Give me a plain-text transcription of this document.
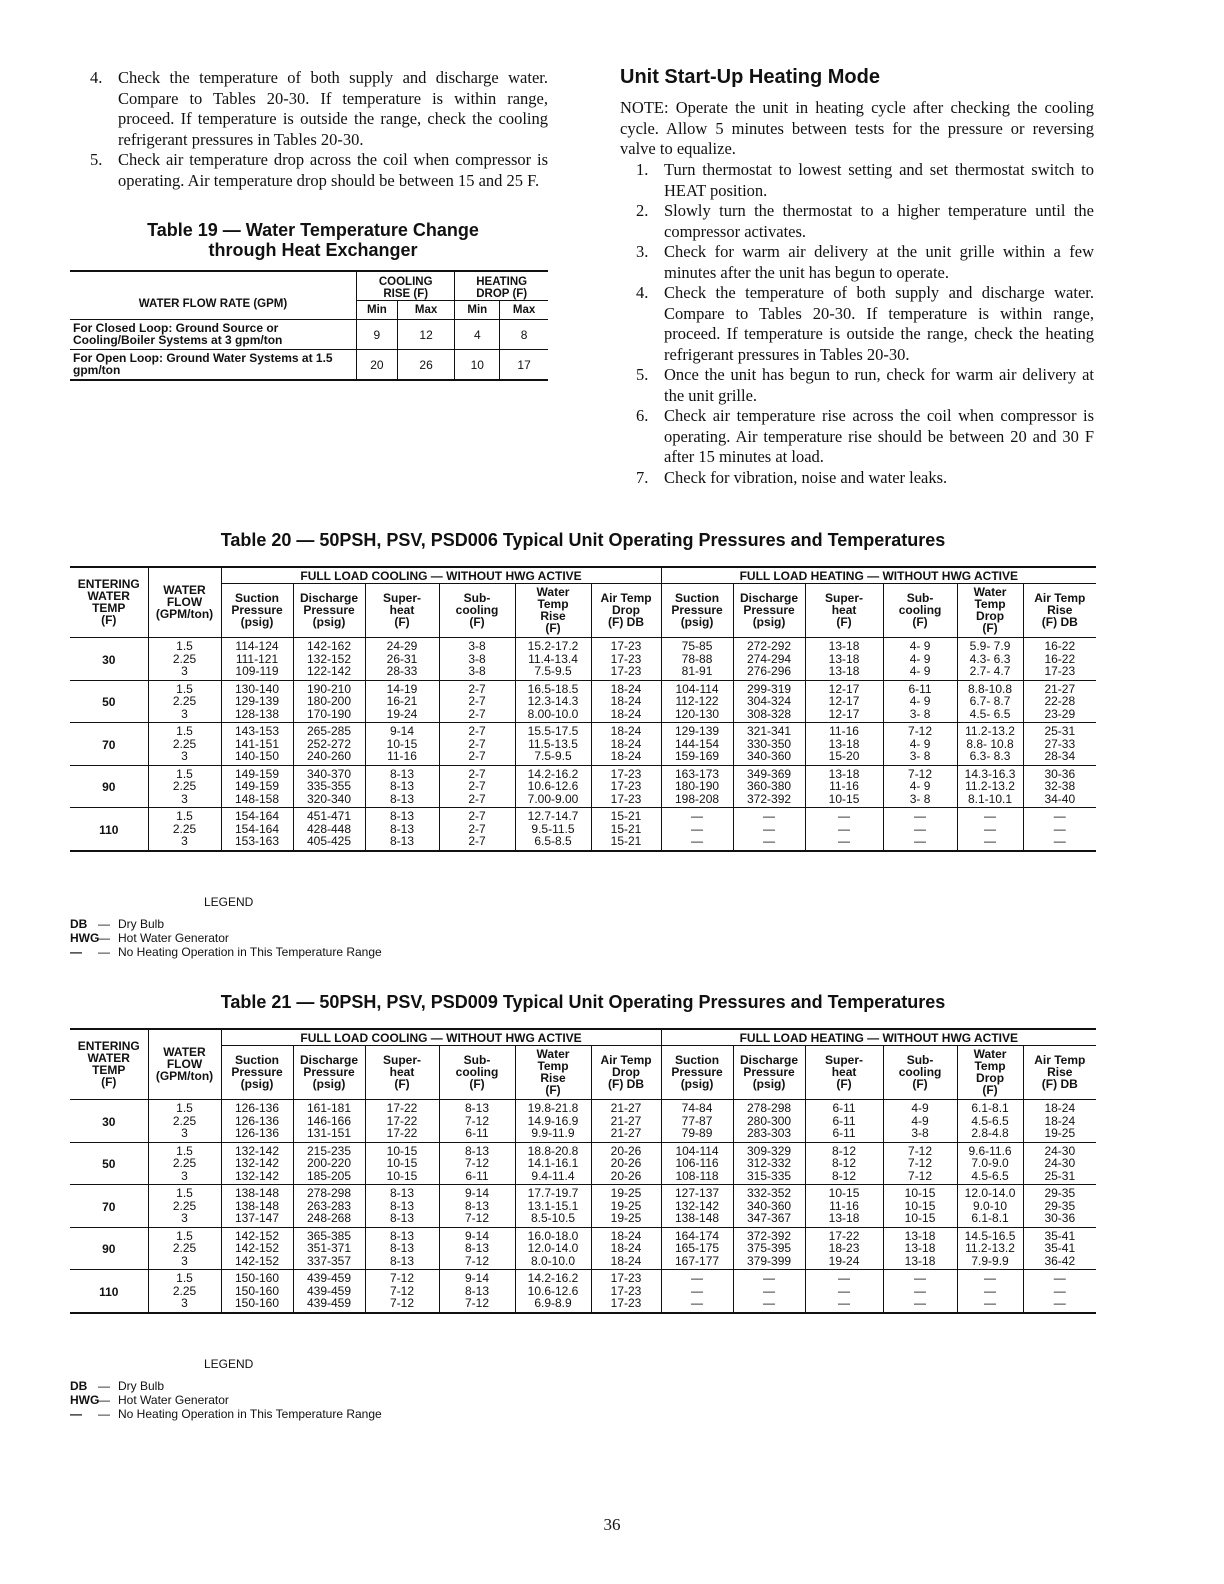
4. Check the temperature of both supply and discharge water. Compare to Tables 20-30. If temperature is within range, proceed. If temperature is outside the range, check the cooling refrigerant pressures in Tables 20-30.
5. Check air temperature drop across the coil when compressor is operating. Air temperature drop should be between 15 and 25 F.
Table 19 — Water Temperature Change
through Heat Exchanger
WATER FLOW RATE (GPM)	COOLING
RISE (F)		HEATING
DROP (F)	
	Min	Max	Min	Max
For Closed Loop: Ground Source or Cooling/Boiler Systems at 3 gpm/ton	9	12	4	8
For Open Loop: Ground Water Systems at 1.5 gpm/ton	20	26	10	17
Unit Start-Up Heating Mode

NOTE: Operate the unit in heating cycle after checking the cooling cycle. Allow 5 minutes between tests for the pressure or reversing valve to equalize.

1. Turn thermostat to lowest setting and set thermostat switch to HEAT position.
2. Slowly turn the thermostat to a higher temperature until the compressor activates.
3. Check for warm air delivery at the unit grille within a few minutes after the unit has begun to operate.
4. Check the temperature of both supply and discharge water. Compare to Tables 20-30. If temperature is within range, proceed. If temperature is outside the range, check the heating refrigerant pressures in Tables 20-30.
5. Once the unit has begun to run, check for warm air delivery at the unit grille.
6. Check air temperature rise across the coil when compressor is operating. Air temperature rise should be between 20 and 30 F after 15 minutes at load.
7. Check for vibration, noise and water leaks.
Table 20 — 50PSH, PSV, PSD006 Typical Unit Operating Pressures and Temperatures
ENTERING
WATER
TEMP
(F)	WATER
FLOW
(GPM/ton)	FULL LOAD COOLING — WITHOUT HWG ACTIVE						FULL LOAD HEATING — WITHOUT HWG ACTIVE					
		Suction
Pressure
(psig)	Discharge
Pressure
(psig)	Super-
heat
(F)	Sub-
cooling
(F)	Water
Temp
Rise
(F)	Air Temp
Drop
(F) DB	Suction
Pressure
(psig)	Discharge
Pressure
(psig)	Super-
heat
(F)	Sub-
cooling
(F)	Water
Temp
Drop
(F)	Air Temp
Rise
(F) DB
30	1.5	114-124	142-162	24-29	3-8	15.2-17.2	17-23	75-85	272-292	13-18	4- 9	5.9- 7.9	16-22
	2.25	111-121	132-152	26-31	3-8	11.4-13.4	17-23	78-88	274-294	13-18	4- 9	4.3- 6.3	16-22
	3	109-119	122-142	28-33	3-8	7.5-9.5	17-23	81-91	276-296	13-18	4- 9	2.7- 4.7	17-23
50	1.5	130-140	190-210	14-19	2-7	16.5-18.5	18-24	104-114	299-319	12-17	6-11	8.8-10.8	21-27
	2.25	129-139	180-200	16-21	2-7	12.3-14.3	18-24	112-122	304-324	12-17	4- 9	6.7- 8.7	22-28
	3	128-138	170-190	19-24	2-7	8.00-10.0	18-24	120-130	308-328	12-17	3- 8	4.5- 6.5	23-29
70	1.5	143-153	265-285	9-14	2-7	15.5-17.5	18-24	129-139	321-341	11-16	7-12	11.2-13.2	25-31
	2.25	141-151	252-272	10-15	2-7	11.5-13.5	18-24	144-154	330-350	13-18	4- 9	8.8- 10.8	27-33
	3	140-150	240-260	11-16	2-7	7.5-9.5	18-24	159-169	340-360	15-20	3- 8	6.3- 8.3	28-34
90	1.5	149-159	340-370	8-13	2-7	14.2-16.2	17-23	163-173	349-369	13-18	7-12	14.3-16.3	30-36
	2.25	149-159	335-355	8-13	2-7	10.6-12.6	17-23	180-190	360-380	11-16	4- 9	11.2-13.2	32-38
	3	148-158	320-340	8-13	2-7	7.00-9.00	17-23	198-208	372-392	10-15	3- 8	8.1-10.1	34-40
110	1.5	154-164	451-471	8-13	2-7	12.7-14.7	15-21	—	—	—	—	—	—
	2.25	154-164	428-448	8-13	2-7	9.5-11.5	15-21	—	—	—	—	—	—
	3	153-163	405-425	8-13	2-7	6.5-8.5	15-21	—	—	—	—	—	—
LEGEND
DB — Dry Bulb
HWG— Hot Water Generator
— — No Heating Operation in This Temperature Range
Table 21 — 50PSH, PSV, PSD009 Typical Unit Operating Pressures and Temperatures
ENTERING
WATER
TEMP
(F)	WATER
FLOW
(GPM/ton)	FULL LOAD COOLING — WITHOUT HWG ACTIVE						FULL LOAD HEATING — WITHOUT HWG ACTIVE					
		Suction
Pressure
(psig)	Discharge
Pressure
(psig)	Super-
heat
(F)	Sub-
cooling
(F)	Water
Temp
Rise
(F)	Air Temp
Drop
(F) DB	Suction
Pressure
(psig)	Discharge
Pressure
(psig)	Super-
heat
(F)	Sub-
cooling
(F)	Water
Temp
Drop
(F)	Air Temp
Rise
(F) DB
30	1.5	126-136	161-181	17-22	8-13	19.8-21.8	21-27	74-84	278-298	6-11	4-9	6.1-8.1	18-24
	2.25	126-136	146-166	17-22	7-12	14.9-16.9	21-27	77-87	280-300	6-11	4-9	4.5-6.5	18-24
	3	126-136	131-151	17-22	6-11	9.9-11.9	21-27	79-89	283-303	6-11	3-8	2.8-4.8	19-25
50	1.5	132-142	215-235	10-15	8-13	18.8-20.8	20-26	104-114	309-329	8-12	7-12	9.6-11.6	24-30
	2.25	132-142	200-220	10-15	7-12	14.1-16.1	20-26	106-116	312-332	8-12	7-12	7.0-9.0	24-30
	3	132-142	185-205	10-15	6-11	9.4-11.4	20-26	108-118	315-335	8-12	7-12	4.5-6.5	25-31
70	1.5	138-148	278-298	8-13	9-14	17.7-19.7	19-25	127-137	332-352	10-15	10-15	12.0-14.0	29-35
	2.25	138-148	263-283	8-13	8-13	13.1-15.1	19-25	132-142	340-360	11-16	10-15	9.0-10	29-35
	3	137-147	248-268	8-13	7-12	8.5-10.5	19-25	138-148	347-367	13-18	10-15	6.1-8.1	30-36
90	1.5	142-152	365-385	8-13	9-14	16.0-18.0	18-24	164-174	372-392	17-22	13-18	14.5-16.5	35-41
	2.25	142-152	351-371	8-13	8-13	12.0-14.0	18-24	165-175	375-395	18-23	13-18	11.2-13.2	35-41
	3	142-152	337-357	8-13	7-12	8.0-10.0	18-24	167-177	379-399	19-24	13-18	7.9-9.9	36-42
110	1.5	150-160	439-459	7-12	9-14	14.2-16.2	17-23	—	—	—	—	—	—
	2.25	150-160	439-459	7-12	8-13	10.6-12.6	17-23	—	—	—	—	—	—
	3	150-160	439-459	7-12	7-12	6.9-8.9	17-23	—	—	—	—	—	—
LEGEND
DB — Dry Bulb
HWG— Hot Water Generator
— — No Heating Operation in This Temperature Range
36
